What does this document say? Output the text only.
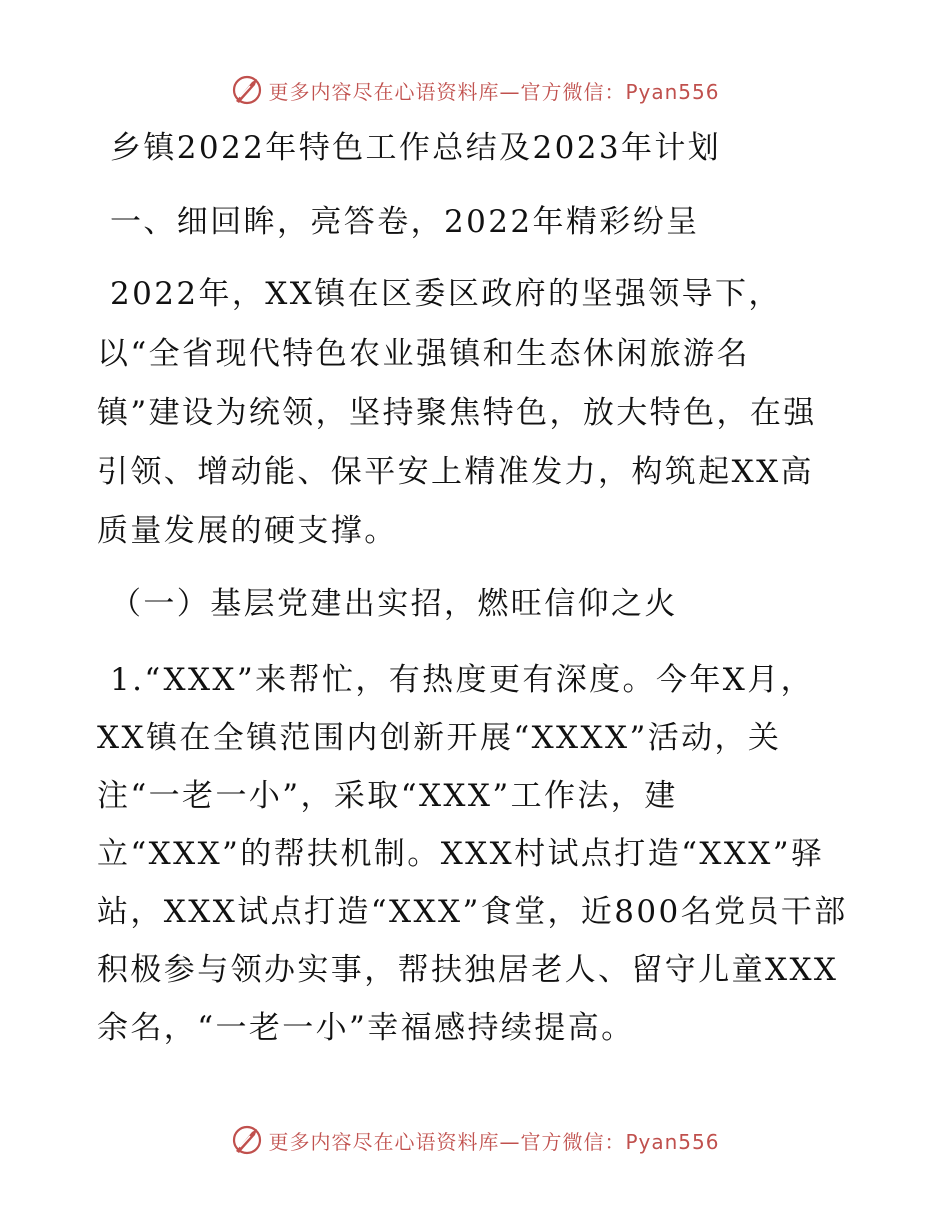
更多内容尽在心语资料库—官方微信：Pyan556
乡镇2022年特色工作总结及2023年计划
一、细回眸，亮答卷，2022年精彩纷呈

2022年，XX镇在区委区政府的坚强领导下，

以“全省现代特色农业强镇和生态休闲旅游名

镇”建设为统领，坚持聚焦特色，放大特色，在强

引领、增动能、保平安上精准发力，构筑起XX高

质量发展的硬支撑。

（一）基层党建出实招，燃旺信仰之火

1.“XXX”来帮忙，有热度更有深度。今年X月，

XX镇在全镇范围内创新开展“XXXX”活动，关

注“一老一小”，采取“XXX”工作法，建

立“XXX”的帮扶机制。XXX村试点打造“XXX”驿

站，XXX试点打造“XXX”食堂，近800名党员干部

积极参与领办实事，帮扶独居老人、留守儿童XXX

余名，“一老一小”幸福感持续提高。

更多内容尽在心语资料库—官方微信：Pyan556
